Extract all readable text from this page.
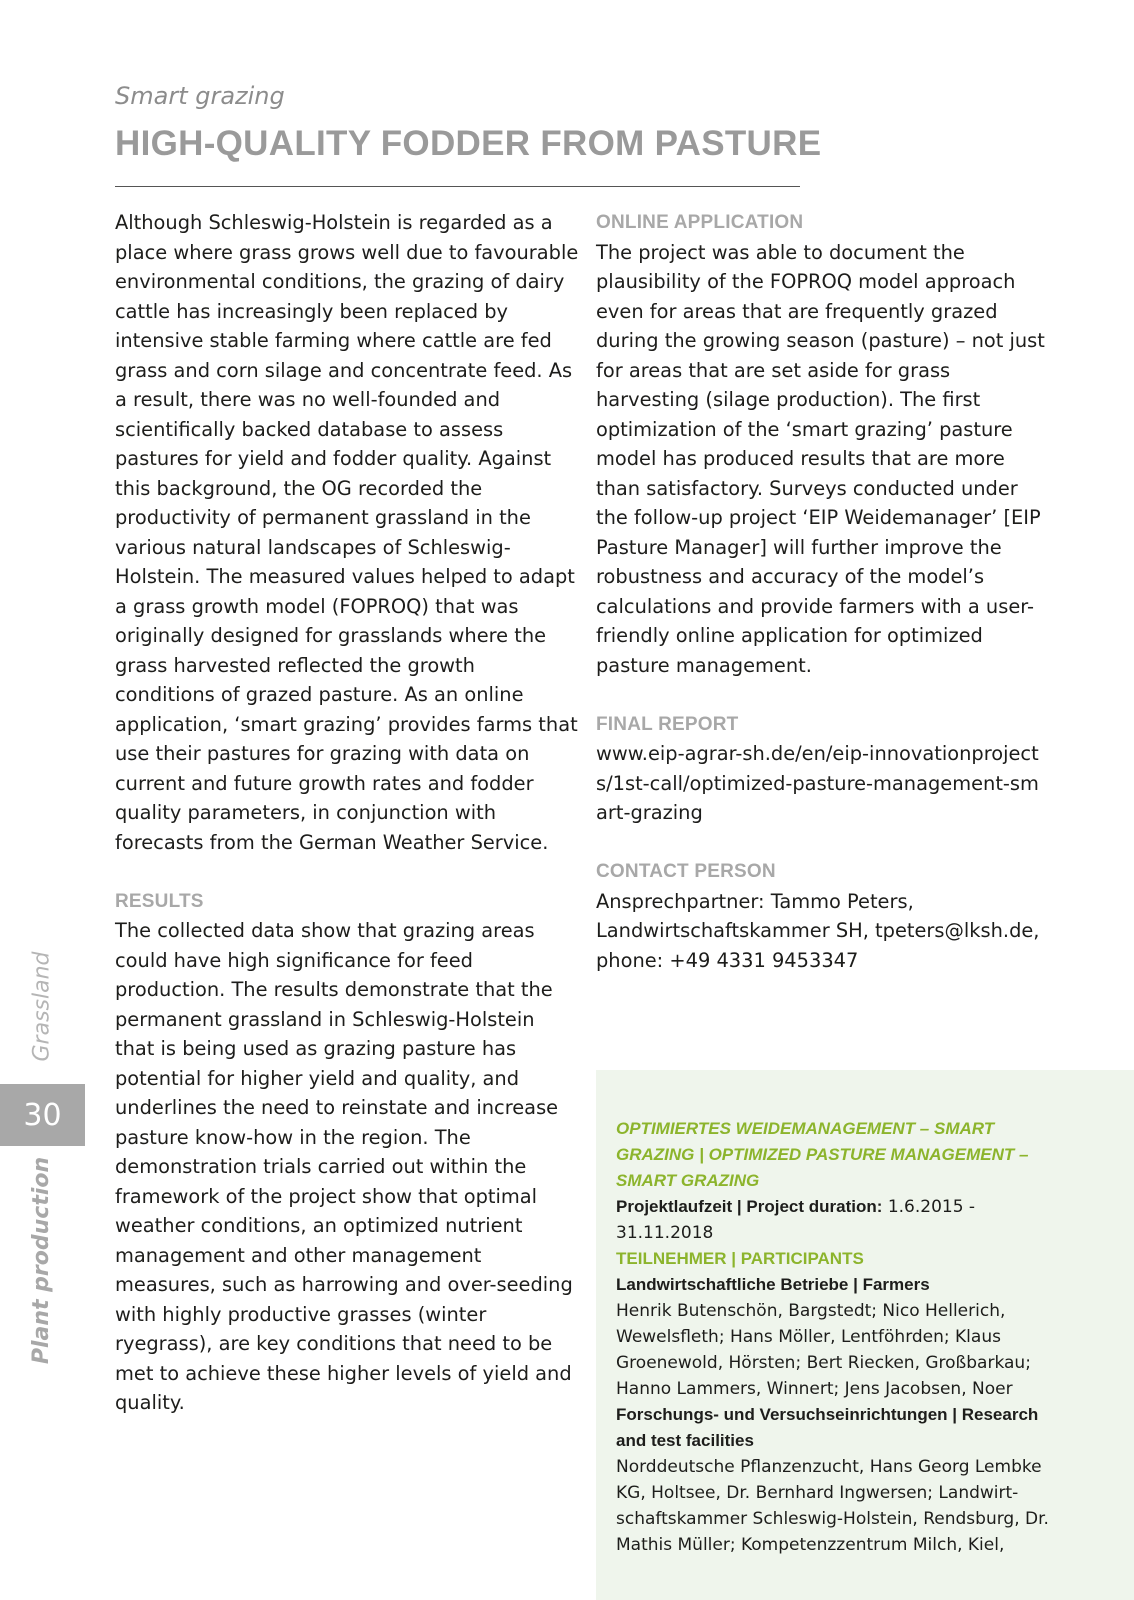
Smart grazing
HIGH-QUALITY FODDER FROM PASTURE

Although Schleswig-Holstein is regarded as a place where grass grows well due to favourable environmental conditions, the grazing of dairy cattle has increasingly been replaced by intensive stable farming where cattle are fed grass and corn silage and concentrate feed. As a result, there was no well-founded and scientifically backed database to assess pastures for yield and fodder quality. Against this background, the OG recorded the productivity of permanent grassland in the various natural landscapes of Schleswig-Holstein. The measured values helped to adapt a grass growth model (FOPROQ) that was originally designed for grasslands where the grass harvested reflected the growth conditions of grazed pasture. As an online application, ‘smart grazing’ provides farms that use their pastures for grazing with data on current and future growth rates and fodder quality parameters, in conjunction with forecasts from the German Weather Service.

RESULTS

The collected data show that grazing areas could have high significance for feed production. The results demonstrate that the permanent grassland in Schleswig-Holstein that is being used as grazing pasture has potential for higher yield and quality, and underlines the need to reinstate and increase pasture know-how in the region. The demonstration trials carried out within the framework of the project show that optimal weather conditions, an optimized nutrient management and other management measures, such as harrowing and over-seeding with highly productive grasses (winter ryegrass), are key conditions that need to be met to achieve these higher levels of yield and quality.

ONLINE APPLICATION

The project was able to document the plausibility of the FOPROQ model approach even for areas that are frequently grazed during the growing season (pasture) – not just for areas that are set aside for grass harvesting (silage production). The first optimization of the ‘smart grazing’ pasture model has produced results that are more than satisfactory. Surveys conducted under the follow-up project ‘EIP Weidemanager’ [EIP Pasture Manager] will further improve the robustness and accuracy of the model’s calculations and provide farmers with a user-friendly online application for optimized pasture management.

FINAL REPORT

www.eip-agrar-sh.de/en/eip-innovationprojects/1st-call/optimized-pasture-management-smart-grazing

CONTACT PERSON

Ansprechpartner: Tammo Peters,

Landwirtschaftskammer SH, tpeters@lksh.de,

phone: +49 4331 9453347

Grassland
30
Plant production

OPTIMIERTES WEIDEMANAGEMENT – SMART GRAZING | OPTIMIZED PASTURE MANAGEMENT – SMART GRAZING

Projektlaufzeit | Project duration: 1.6.2015 - 31.11.2018

TEILNEHMER | PARTICIPANTS

Landwirtschaftliche Betriebe | Farmers

Henrik Butenschön, Bargstedt; Nico Hellerich, Wewelsfleth; Hans Möller, Lentföhrden; Klaus Groenewold, Hörsten; Bert Riecken, Großbarkau; Hanno Lammers, Winnert; Jens Jacobsen, Noer

Forschungs- und Versuchseinrichtungen | Research and test facilities

Norddeutsche Pflanzenzucht, Hans Georg Lembke KG, Holtsee, Dr. Bernhard Ingwersen; Landwirt-schaftskammer Schleswig-Holstein, Rendsburg, Dr. Mathis Müller; Kompetenzzentrum Milch, Kiel,
